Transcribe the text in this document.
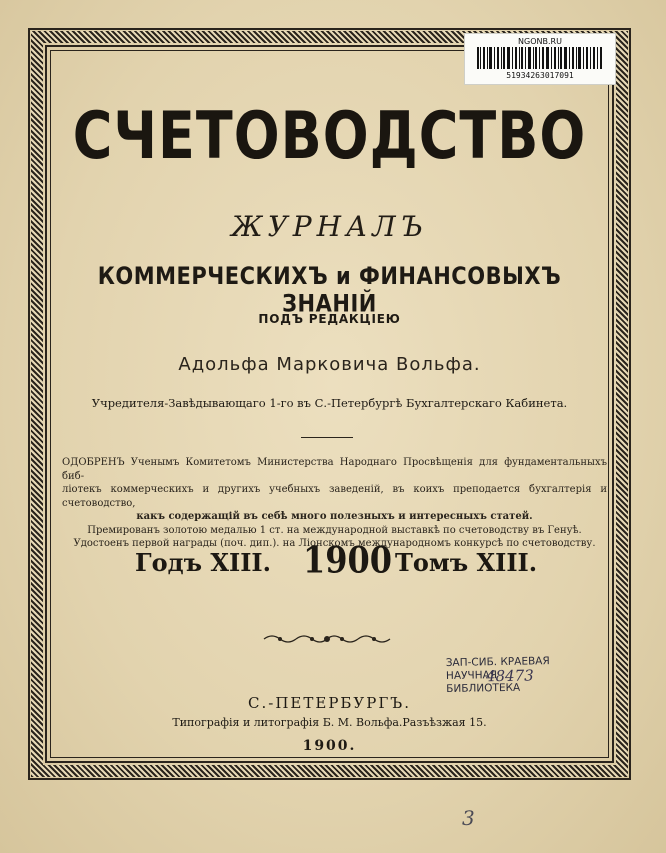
NGONB.RU
51934263017091
СЧЕТОВОДСТВО
ЖУРНАЛЪ
КОММЕРЧЕСКИХЪ и ФИНАНСОВЫХЪ ЗНАНІЙ
ПОДЪ РЕДАКЦІЕЮ
Адольфа Марковича Вольфа.
Учредителя-Завѣдывающаго 1-го въ С.-Петербургѣ Бухгалтерскаго Кабинета.

ОДОБРЕНЪ Ученымъ Комитетомъ Министерства Народнаго Просвѣщенія для фундаментальныхъ биб-

ліотекъ коммерческихъ и другихъ учебныхъ заведеній, въ коихъ преподается бухгалтерія и счетоводство,

какъ содержащій въ себѣ много полезныхъ и интересныхъ статей.

Премированъ золотою медалью 1 ст. на международной выставкѣ по счетоводству въ Генуѣ.

Удостоенъ первой награды (поч. дип.). на Ліонскомъ международномъ конкурсѣ по счетоводству.

Годъ XIII. 1900 Томъ XIII.
ЗАП-СИБ. КРАЕВАЯ
НАУЧНАЯ БИБЛИОТЕКА
48473
С.-ПЕТЕРБУРГЪ.
Типографія и литографія Б. М. Вольфа.Разъѣзжая 15.
1900.
3
